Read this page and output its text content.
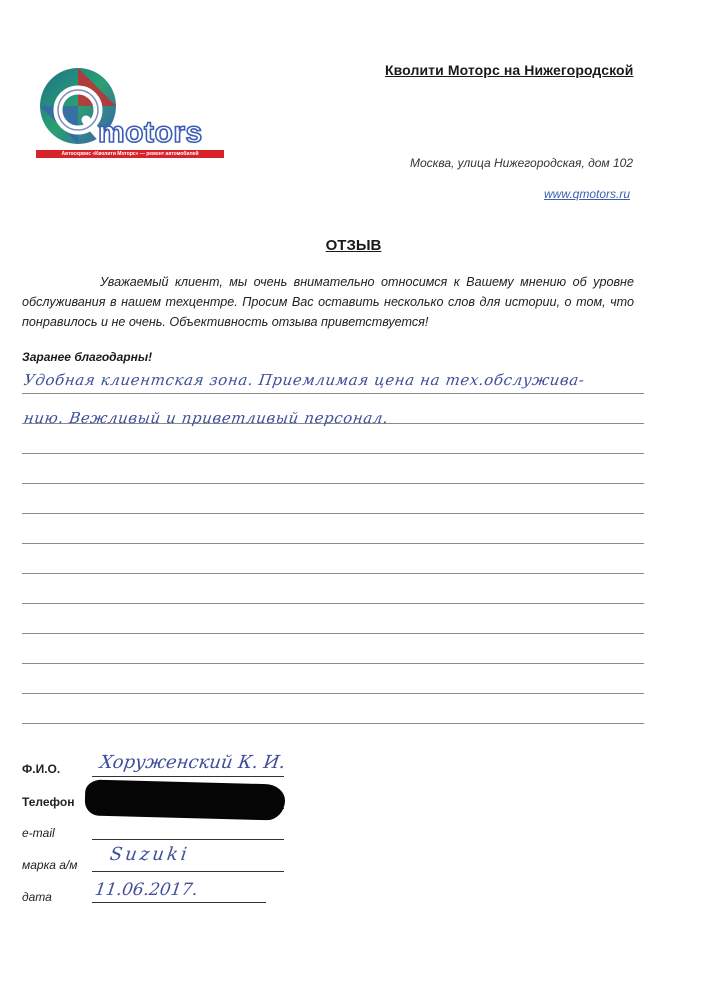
motors
Автосервис «Кволити Моторс» — ремонт автомобилей
Кволити Моторс на Нижегородской
Москва, улица Нижегородская, дом 102
www.qmotors.ru
ОТЗЫВ
Уважаемый клиент, мы очень внимательно относимся к Вашему мнению об уровне обслуживания в нашем техцентре. Просим Вас оставить несколько слов для истории, о том, что понравилось и не очень. Объективность отзыва приветствуется!
Заранее благодарны!
Удобная клиентская зона. Приемлимая цена на тех.обслужива-
нию. Вежливый и приветливый персонал.
Ф.И.О. Хоруженский К. И.
Телефон
e-mail
марка а/м Suzuki
дата 11.06.2017.
